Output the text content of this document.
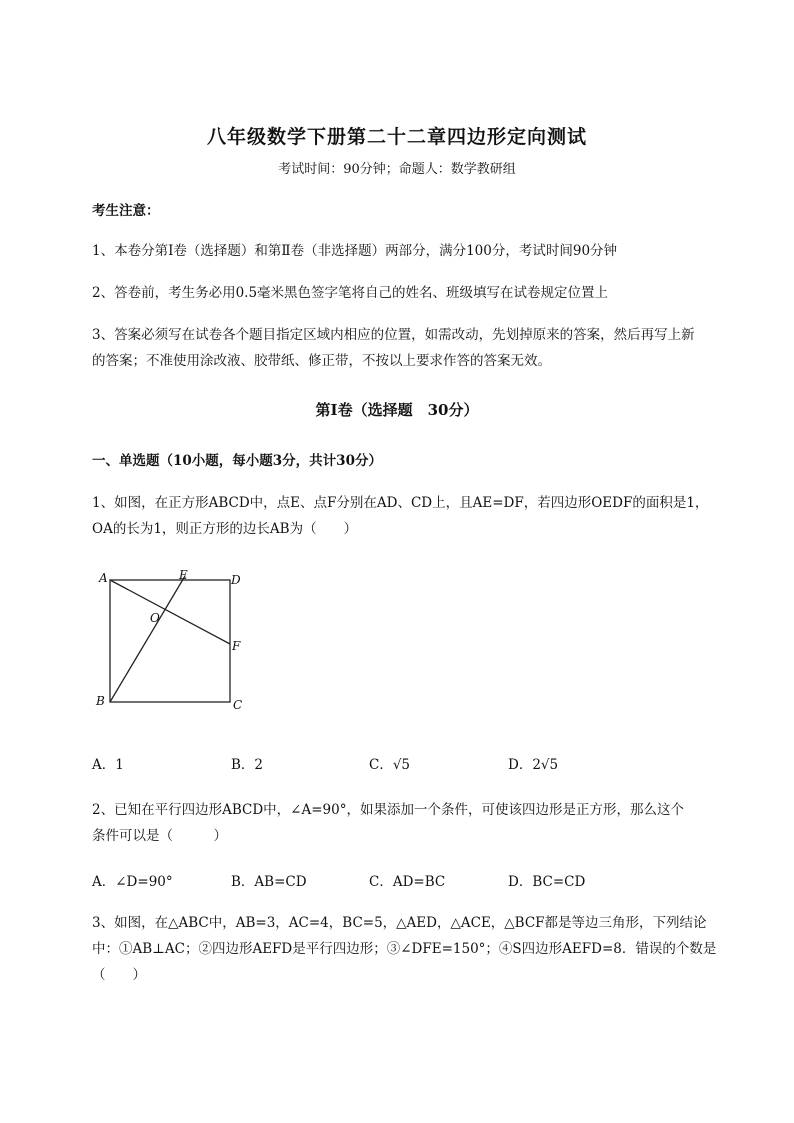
八年级数学下册第二十二章四边形定向测试
考试时间：90分钟；命题人：数学教研组
考生注意：
1、本卷分第Ⅰ卷（选择题）和第Ⅱ卷（非选择题）两部分，满分100分，考试时间90分钟
2、答卷前，考生务必用0.5毫米黑色签字笔将自己的姓名、班级填写在试卷规定位置上
3、答案必须写在试卷各个题目指定区域内相应的位置，如需改动，先划掉原来的答案，然后再写上新
的答案；不准使用涂改液、胶带纸、修正带，不按以上要求作答的答案无效。
第Ⅰ卷（选择题　30分）
一、单选题（10小题，每小题3分，共计30分）
1、如图，在正方形ABCD中，点E、点F分别在AD、CD上，且AE=DF，若四边形OEDF的面积是1，
OA的长为1，则正方形的边长AB为（　　）
A	E	D
O
F
B	C
A．1	B．2	C．√5	D．2√5
2、已知在平行四边形ABCD中，∠A=90°，如果添加一个条件，可使该四边形是正方形，那么这个
条件可以是（　　　）
A．∠D=90°	B．AB=CD	C．AD=BC	D．BC=CD
3、如图，在△ABC中，AB=3，AC=4，BC=5，△AED，△ACE，△BCF都是等边三角形，下列结论
中：①AB⊥AC；②四边形AEFD是平行四边形；③∠DFE=150°；④S四边形AEFD=8．错误的个数是
（　　）
